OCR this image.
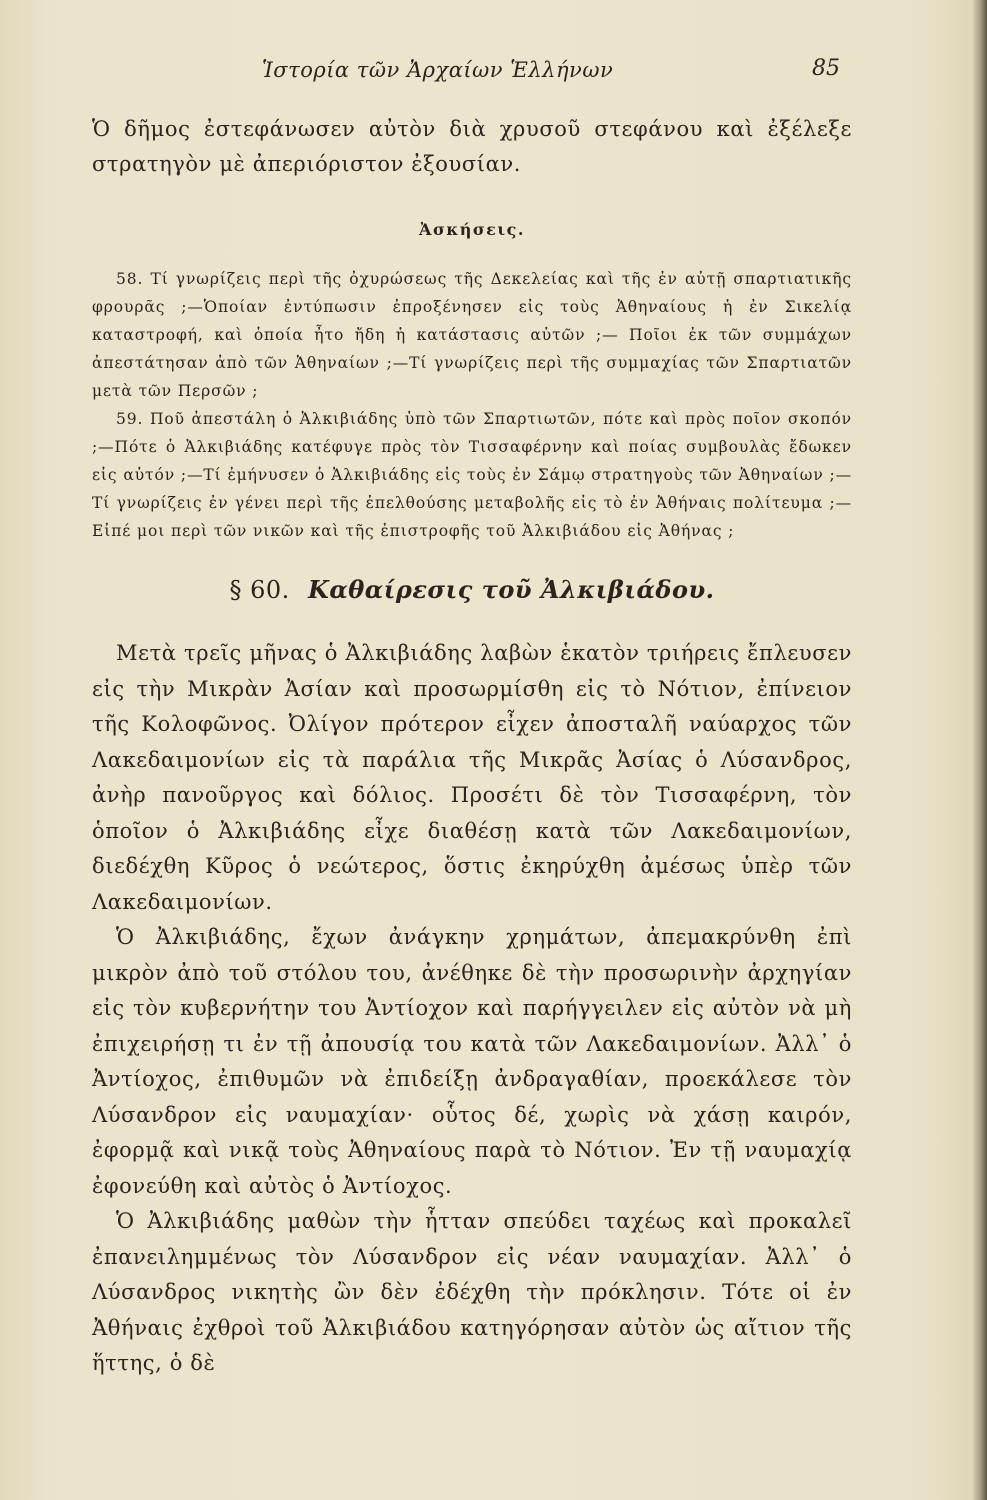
Ἱστορία τῶν Ἀρχαίων Ἑλλήνων	85

Ὁ δῆμος ἐστεφάνωσεν αὐτὸν διὰ χρυσοῦ στεφάνου καὶ ἐξέλεξε στρατηγὸν μὲ ἀπεριόριστον ἐξουσίαν.

Ἀσκήσεις.

58. Τί γνωρίζεις περὶ τῆς ὀχυρώσεως τῆς Δεκελείας καὶ τῆς ἐν αὐτῇ σπαρτιατικῆς φρουρᾶς ;—Ὁποίαν ἐντύπωσιν ἐπροξένησεν εἰς τοὺς Ἀθηναίους ἡ ἐν Σικελίᾳ καταστροφή, καὶ ὁποία ἦτο ἤδη ἡ κατάστασις αὐτῶν ;— Ποῖοι ἐκ τῶν συμμάχων ἀπεστάτησαν ἀπὸ τῶν Ἀθηναίων ;—Τί γνωρίζεις περὶ τῆς συμμαχίας τῶν Σπαρτιατῶν μετὰ τῶν Περσῶν ;

59. Ποῦ ἀπεστάλη ὁ Ἀλκιβιάδης ὑπὸ τῶν Σπαρτιωτῶν, πότε καὶ πρὸς ποῖον σκοπόν ;—Πότε ὁ Ἀλκιβιάδης κατέφυγε πρὸς τὸν Τισσαφέρνην καὶ ποίας συμβουλὰς ἔδωκεν εἰς αὐτόν ;—Τί ἐμήνυσεν ὁ Ἀλκιβιάδης εἰς τοὺς ἐν Σάμῳ στρατηγοὺς τῶν Ἀθηναίων ;—Τί γνωρίζεις ἐν γένει περὶ τῆς ἐπελθούσης μεταβολῆς εἰς τὸ ἐν Ἀθήναις πολίτευμα ;—Εἰπέ μοι περὶ τῶν νικῶν καὶ τῆς ἐπιστροφῆς τοῦ Ἀλκιβιάδου εἰς Ἀθήνας ;

§ 60. Καθαίρεσις τοῦ Ἀλκιβιάδου.

Μετὰ τρεῖς μῆνας ὁ Ἀλκιβιάδης λαβὼν ἑκατὸν τριήρεις ἔπλευσεν εἰς τὴν Μικρὰν Ἀσίαν καὶ προσωρμίσθη εἰς τὸ Νότιον, ἐπίνειον τῆς Κολοφῶνος. Ὀλίγον πρότερον εἶχεν ἀποσταλῆ ναύαρχος τῶν Λακεδαιμονίων εἰς τὰ παράλια τῆς Μικρᾶς Ἀσίας ὁ Λύσανδρος, ἀνὴρ πανοῦργος καὶ δόλιος. Προσέτι δὲ τὸν Τισσαφέρνη, τὸν ὁποῖον ὁ Ἀλκιβιάδης εἶχε διαθέσῃ κατὰ τῶν Λακεδαιμονίων, διεδέχθη Κῦρος ὁ νεώτερος, ὅστις ἐκηρύχθη ἀμέσως ὑπὲρ τῶν Λακεδαιμονίων.

Ὁ Ἀλκιβιάδης, ἔχων ἀνάγκην χρημάτων, ἀπεμακρύνθη ἐπὶ μικρὸν ἀπὸ τοῦ στόλου του, ἀνέθηκε δὲ τὴν προσωρινὴν ἀρχηγίαν εἰς τὸν κυβερνήτην του Ἀντίοχον καὶ παρήγγειλεν εἰς αὐτὸν νὰ μὴ ἐπιχειρήσῃ τι ἐν τῇ ἀπουσίᾳ του κατὰ τῶν Λακεδαιμονίων. Ἀλλ᾽ ὁ Ἀντίοχος, ἐπιθυμῶν νὰ ἐπιδείξῃ ἀνδραγαθίαν, προεκάλεσε τὸν Λύσανδρον εἰς ναυμαχίαν· οὗτος δέ, χωρὶς νὰ χάσῃ καιρόν, ἐφορμᾷ καὶ νικᾷ τοὺς Ἀθηναίους παρὰ τὸ Νότιον. Ἐν τῇ ναυμαχίᾳ ἐφονεύθη καὶ αὐτὸς ὁ Ἀντίοχος.

Ὁ Ἀλκιβιάδης μαθὼν τὴν ἧτταν σπεύδει ταχέως καὶ προκαλεῖ ἐπανειλημμένως τὸν Λύσανδρον εἰς νέαν ναυμαχίαν. Ἀλλ᾽ ὁ Λύσανδρος νικητὴς ὢν δὲν ἐδέχθη τὴν πρόκλησιν. Τότε οἱ ἐν Ἀθήναις ἐχθροὶ τοῦ Ἀλκιβιάδου κατηγόρησαν αὐτὸν ὡς αἴτιον τῆς ἥττης, ὁ δὲ
